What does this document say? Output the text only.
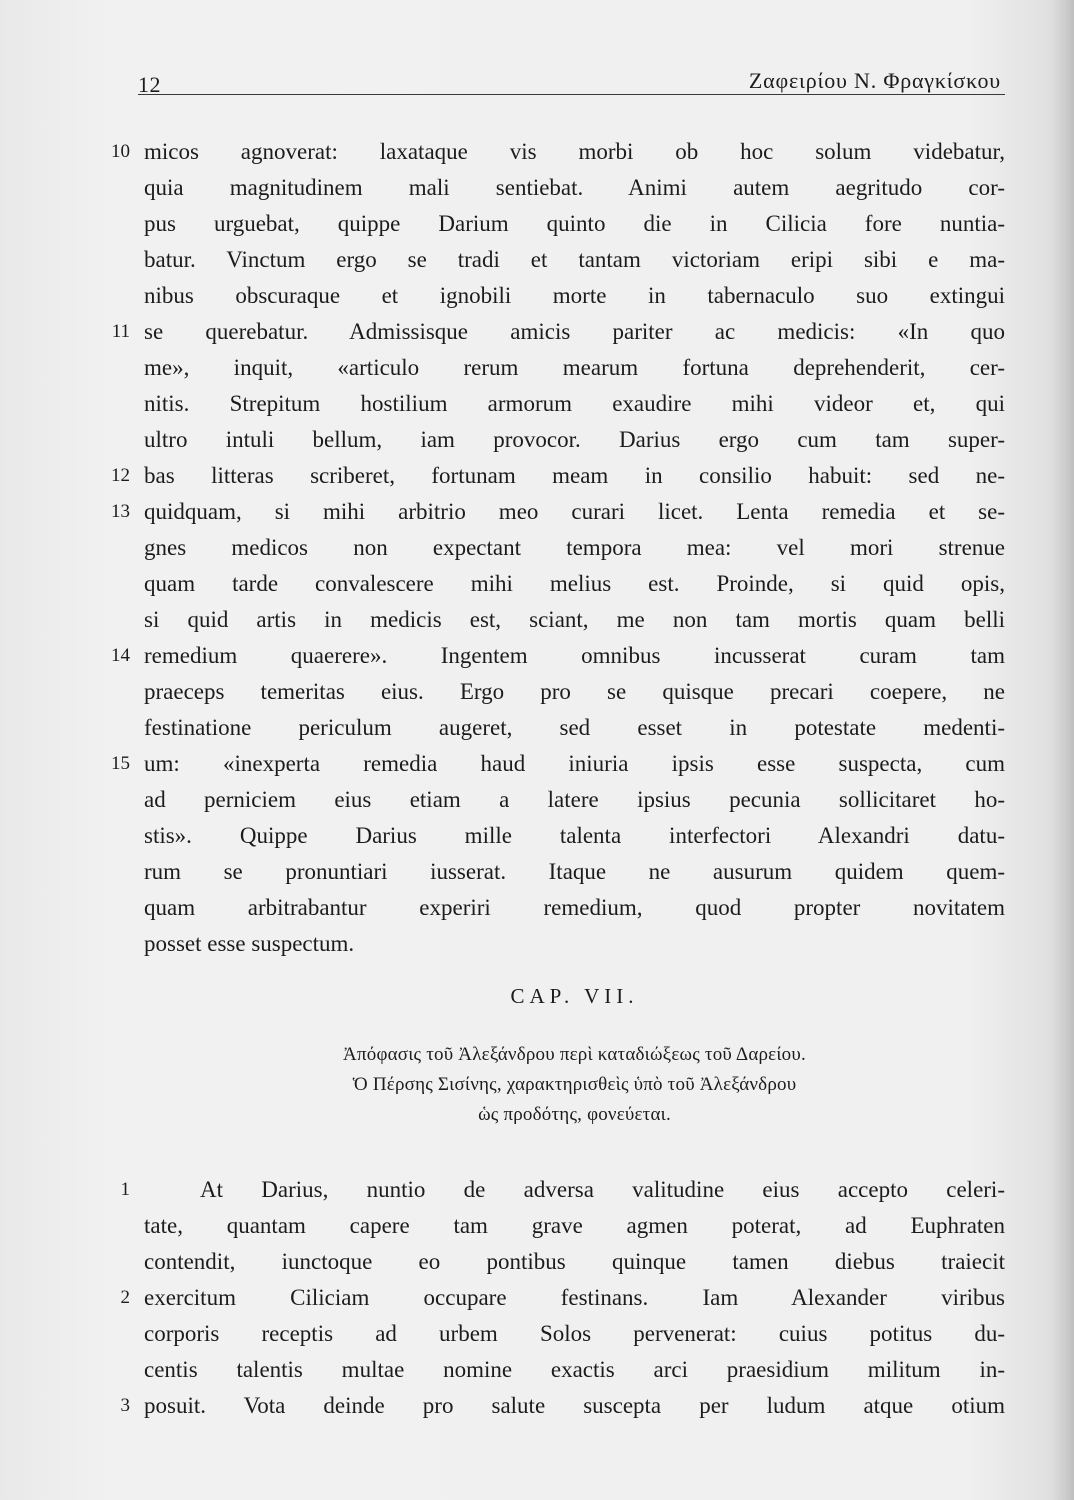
12	Ζαφειρίου Ν. Φραγκίσκου
10
11
12
13
14
15
1
2
3
micos agnoverat: laxataque vis morbi ob hoc solum videbatur,
quia magnitudinem mali sentiebat. Animi autem aegritudo cor-
pus urguebat, quippe Darium quinto die in Cilicia fore nuntia-
batur. Vinctum ergo se tradi et tantam victoriam eripi sibi e ma-
nibus obscuraque et ignobili morte in tabernaculo suo extingui
se querebatur. Admissisque amicis pariter ac medicis: «In quo
me», inquit, «articulo rerum mearum fortuna deprehenderit, cer-
nitis. Strepitum hostilium armorum exaudire mihi videor et, qui
ultro intuli bellum, iam provocor. Darius ergo cum tam super-
bas litteras scriberet, fortunam meam in consilio habuit: sed ne-
quidquam, si mihi arbitrio meo curari licet. Lenta remedia et se-
gnes medicos non expectant tempora mea: vel mori strenue
quam tarde convalescere mihi melius est. Proinde, si quid opis,
si quid artis in medicis est, sciant, me non tam mortis quam belli
remedium quaerere». Ingentem omnibus incusserat curam tam
praeceps temeritas eius. Ergo pro se quisque precari coepere, ne
festinatione periculum augeret, sed esset in potestate medenti-
um: «inexperta remedia haud iniuria ipsis esse suspecta, cum
ad perniciem eius etiam a latere ipsius pecunia sollicitaret ho-
stis». Quippe Darius mille talenta interfectori Alexandri datu-
rum se pronuntiari iusserat. Itaque ne ausurum quidem quem-
quam arbitrabantur experiri remedium, quod propter novitatem
posset esse suspectum.
CAP. VII.
Ἀπόφασις τοῦ Ἀλεξάνδρου περὶ καταδιώξεως τοῦ Δαρείου.
Ὁ Πέρσης Σισίνης, χαρακτηρισθεὶς ὑπὸ τοῦ Ἀλεξάνδρου
ὡς προδότης, φονεύεται.
At Darius, nuntio de adversa valitudine eius accepto celeri-
tate, quantam capere tam grave agmen poterat, ad Euphraten
contendit, iunctoque eo pontibus quinque tamen diebus traiecit
exercitum Ciliciam occupare festinans. Iam Alexander viribus
corporis receptis ad urbem Solos pervenerat: cuius potitus du-
centis talentis multae nomine exactis arci praesidium militum in-
posuit. Vota deinde pro salute suscepta per ludum atque otium
